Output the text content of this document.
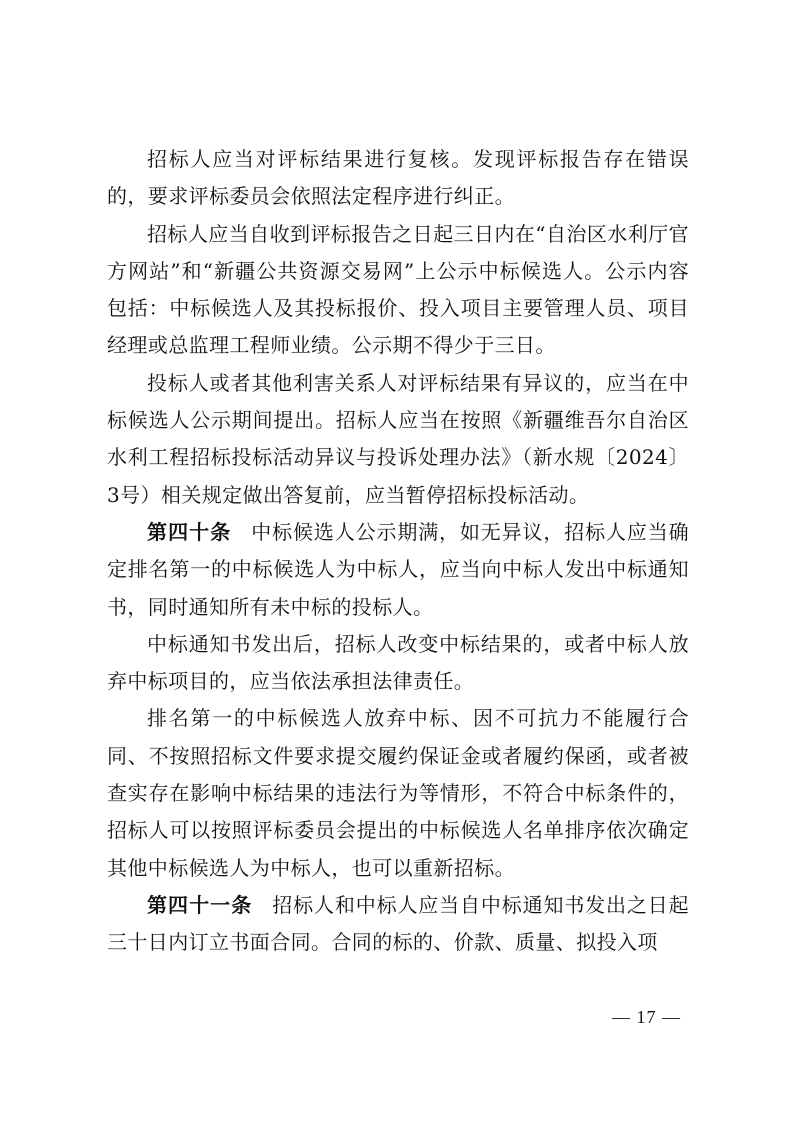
招标人应当对评标结果进行复核。发现评标报告存在错误的，要求评标委员会依照法定程序进行纠正。

招标人应当自收到评标报告之日起三日内在“自治区水利厅官方网站”和“新疆公共资源交易网”上公示中标候选人。公示内容包括：中标候选人及其投标报价、投入项目主要管理人员、项目经理或总监理工程师业绩。公示期不得少于三日。

投标人或者其他利害关系人对评标结果有异议的，应当在中标候选人公示期间提出。招标人应当在按照《新疆维吾尔自治区水利工程招标投标活动异议与投诉处理办法》（新水规〔2024〕3号）相关规定做出答复前，应当暂停招标投标活动。

第四十条 中标候选人公示期满，如无异议，招标人应当确定排名第一的中标候选人为中标人，应当向中标人发出中标通知书，同时通知所有未中标的投标人。

中标通知书发出后，招标人改变中标结果的，或者中标人放弃中标项目的，应当依法承担法律责任。

排名第一的中标候选人放弃中标、因不可抗力不能履行合同、不按照招标文件要求提交履约保证金或者履约保函，或者被查实存在影响中标结果的违法行为等情形，不符合中标条件的，招标人可以按照评标委员会提出的中标候选人名单排序依次确定其他中标候选人为中标人，也可以重新招标。

第四十一条 招标人和中标人应当自中标通知书发出之日起三十日内订立书面合同。合同的标的、价款、质量、拟投入项

— 17 —
